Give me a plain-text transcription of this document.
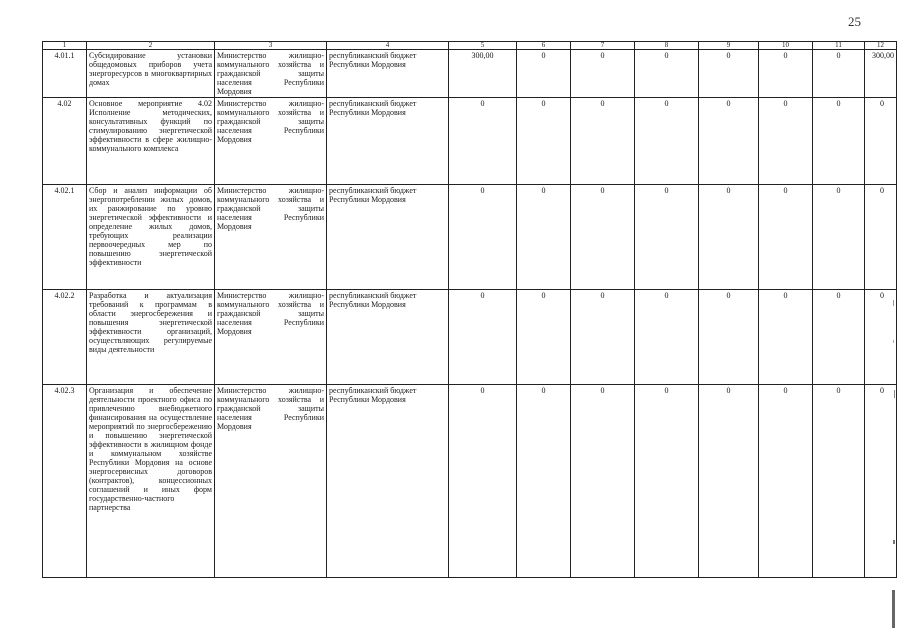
25
1	2	3	4	5	6	7	8	9	10	11	12
4.01.1	Субсидирование установки общедомовых приборов учета энергоресурсов в многоквартирных домах	Министерство жилищно-коммунального хозяйства и гражданской защиты населения Республики Мордовия	республиканский бюджет Республики Мордовия	300,00	0	0	0	0	0	0	300,00
4.02	Основное мероприятие 4.02 Исполнение методических, консультативных функций по стимулированию энергетической эффективности в сфере жилищно-коммунального комплекса	Министерство жилищно-коммунального хозяйства и гражданской защиты населения Республики Мордовия	республиканский бюджет Республики Мордовия	0	0	0	0	0	0	0	0
4.02.1	Сбор и анализ информации об энергопотреблении жилых домов, их ранжирование по уровню энергетической эффективности и определение жилых домов, требующих реализации первоочередных мер по повышению энергетической эффективности	Министерство жилищно-коммунального хозяйства и гражданской защиты населения Республики Мордовия	республиканский бюджет Республики Мордовия	0	0	0	0	0	0	0	0
4.02.2	Разработка и актуализация требований к программам в области энергосбережения и повышения энергетической эффективности организаций, осуществляющих регулируемые виды деятельности	Министерство жилищно-коммунального хозяйства и гражданской защиты населения Республики Мордовия	республиканский бюджет Республики Мордовия	0	0	0	0	0	0	0	0
4.02.3	Организация и обеспечение деятельности проектного офиса по привлечению внебюджетного финансирования на осуществление мероприятий по энергосбережению и повышению энергетической эффективности в жилищном фонде и коммунальном хозяйстве Республики Мордовия на основе энергосервисных договоров (контрактов), концессионных соглашений и иных форм государственно-частного партнерства	Министерство жилищно-коммунального хозяйства и гражданской защиты населения Республики Мордовия	республиканский бюджет Республики Мордовия	0	0	0	0	0	0	0	0
